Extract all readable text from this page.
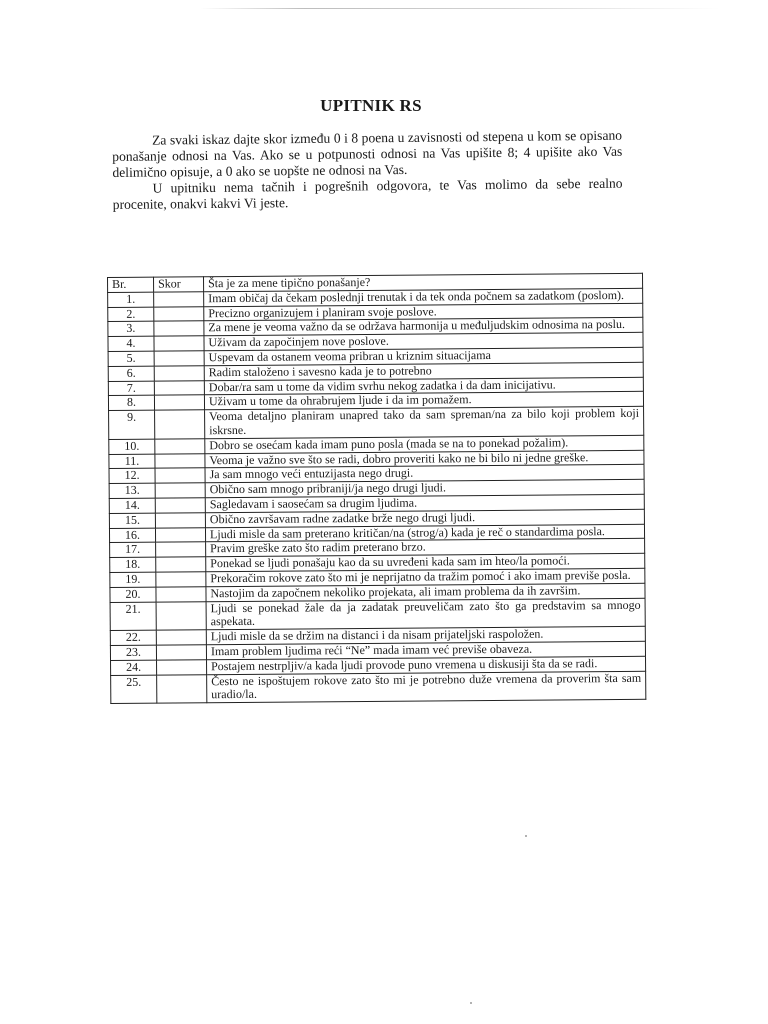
UPITNIK RS

Za svaki iskaz dajte skor između 0 i 8 poena u zavisnosti od stepena u kom se opisano ponašanje odnosi na Vas. Ako se u potpunosti odnosi na Vas upišite 8; 4 upišite ako Vas delimično opisuje, a 0 ako se uopšte ne odnosi na Vas.

U upitniku nema tačnih i pogrešnih odgovora, te Vas molimo da sebe realno procenite, onakvi kakvi Vi jeste.

Br.	Skor	Šta je za mene tipično ponašanje?
1.		Imam običaj da čekam poslednji trenutak i da tek onda počnem sa zadatkom (poslom).
2.		Precizno organizujem i planiram svoje poslove.
3.		Za mene je veoma važno da se održava harmonija u međuljudskim odnosima na poslu.
4.		Uživam da započinjem nove poslove.
5.		Uspevam da ostanem veoma pribran u kriznim situacijama
6.		Radim staloženo i savesno kada je to potrebno
7.		Dobar/ra sam u tome da vidim svrhu nekog zadatka i da dam inicijativu.
8.		Uživam u tome da ohrabrujem ljude i da im pomažem.
9.		Veoma detaljno planiram unapred tako da sam spreman/na za bilo koji problem koji iskrsne.
10.		Dobro se osećam kada imam puno posla (mada se na to ponekad požalim).
11.		Veoma je važno sve što se radi, dobro proveriti kako ne bi bilo ni jedne greške.
12.		Ja sam mnogo veći entuzijasta nego drugi.
13.		Obično sam mnogo pribraniji/ja nego drugi ljudi.
14.		Sagledavam i saosećam sa drugim ljudima.
15.		Obično završavam radne zadatke brže nego drugi ljudi.
16.		Ljudi misle da sam preterano kritičan/na (strog/a) kada je reč o standardima posla.
17.		Pravim greške zato što radim preterano brzo.
18.		Ponekad se ljudi ponašaju kao da su uvređeni kada sam im hteo/la pomoći.
19.		Prekoračim rokove zato što mi je neprijatno da tražim pomoć i ako imam previše posla.
20.		Nastojim da započnem nekoliko projekata, ali imam problema da ih završim.
21.		Ljudi se ponekad žale da ja zadatak preuveličam zato što ga predstavim sa mnogo aspekata.
22.		Ljudi misle da se držim na distanci i da nisam prijateljski raspoložen.
23.		Imam problem ljudima reći “Ne” mada imam već previše obaveza.
24.		Postajem nestrpljiv/a kada ljudi provode puno vremena u diskusiji šta da se radi.
25.		Često ne ispoštujem rokove zato što mi je potrebno duže vremena da proverim šta sam uradio/la.
